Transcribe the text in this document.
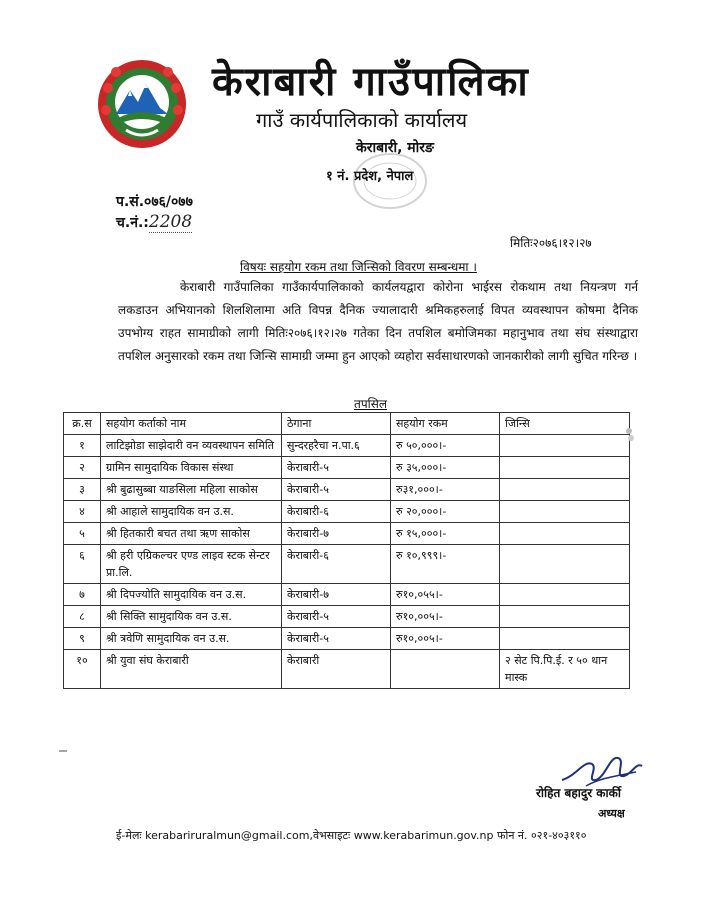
केराबारी गाउँपालिका
गाउँ कार्यपालिकाको कार्यालय
केराबारी, मोरङ
१ नं. प्रदेश, नेपाल
प.सं.०७६/०७७
च.नं.:2208
मितिः२०७६।१२।२७
विषयः सहयोग रकम तथा जिन्सिको विवरण सम्बन्धमा ।
केराबारी गाउँपालिका गाउँकार्यपालिकाको कार्यलयद्वारा कोरोना भाईरस रोकथाम तथा नियन्त्रण गर्न लकडाउन अभियानको शिलशिलामा अति विपन्न दैनिक ज्यालादारी श्रमिकहरुलाई विपत व्यवस्थापन कोषमा दैनिक उपभोग्य राहत सामाग्रीको लागी मितिः२०७६।१२।२७ गतेका दिन तपशिल बमोजिमका महानुभाव तथा संघ संस्थाद्वारा तपशिल अनुसारको रकम तथा जिन्सि सामाग्री जम्मा हुन आएको व्यहोरा सर्वसाधारणको जानकारीको लागी सुचित गरिन्छ ।
तपसिल
क्र.स	सहयोग कर्ताको नाम	ठेगाना	सहयोग रकम	जिन्सि
१	लाटिझोडा साझेदारी वन व्यवस्थापन समिति	सुन्दरहरैचा न.पा.६	रु ५०,०००।-	
२	ग्रामिन सामुदायिक विकास संस्था	केराबारी-५	रु ३५,०००।-	
३	श्री बुढासुब्बा याङसिला महिला साकोस	केराबारी-५	रु३१,०००।-	
४	श्री आहाले सामुदायिक वन उ.स.	केराबारी-६	रु २०,०००।-	
५	श्री हितकारी बचत तथा ऋण साकोस	केराबारी-७	रु १५,०००।-	
६	श्री हरी एग्रिकल्चर एण्ड लाइव स्टक सेन्टर प्रा.लि.	केराबारी-६	रु १०,९९९।-	
७	श्री दिपज्योति सामुदायिक वन उ.स.	केराबारी-७	रु१०,०५५।-	
८	श्री सिक्ति सामुदायिक वन उ.स.	केराबारी-५	रु१०,००५।-	
९	श्री त्रवेणि सामुदायिक वन उ.स.	केराबारी-५	रु१०,००५।-	
१०	श्री युवा संघ केराबारी	केराबारी		२ सेट पि.पि.ई. र ५० थान मास्क
रोहित बहादुर कार्की
अध्यक्ष
ई-मेलः kerabariruralmun@gmail.com,वेभसाइटः www.kerabarimun.gov.np फोन नं. ०२१-४०३११०
